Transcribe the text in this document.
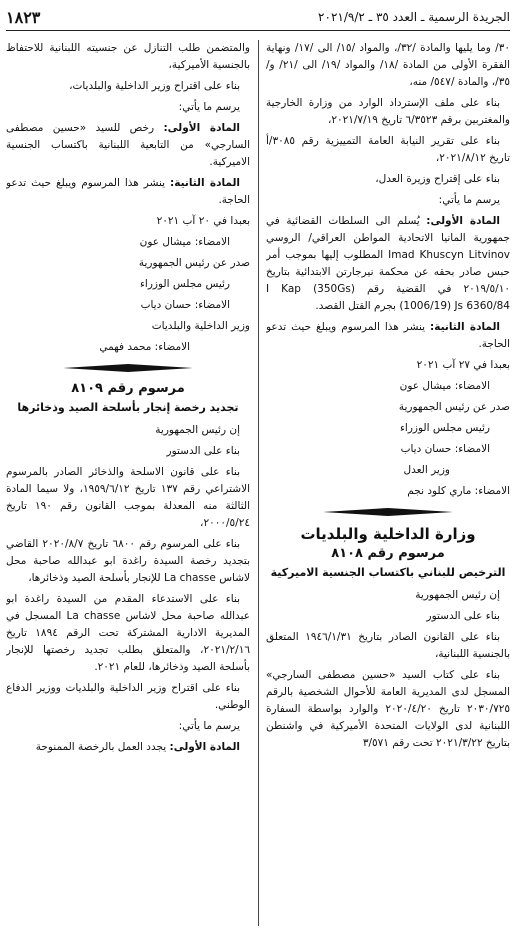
الجريدة الرسمية ـ العدد ٣٥ ـ ٢٠٢١/٩/٢
١٨٢٣

٣٠/ وما يليها والمادة /٣٢/، والمواد /١٥/ الى /١٧/ ونهاية الفقرة الأولى من المادة /١٨/ والمواد /١٩/ الى /٢١/ و/٣٥/، والمادة /٥٤٧/ منه،

بناء على ملف الإسترداد الوارد من وزارة الخارجية والمغتربين برقم ٦/٣٥٢٣ تاريخ ٢٠٢١/٧/١٩،

بناء على تقرير النيابة العامة التمييزية رقم ٣٠٨٥/أ تاريخ ٢٠٢١/٨/١٢،

بناء على إقتراح وزيرة العدل،

يرسم ما يأتي:

المادة الأولى: يُسلم الى السلطات القضائية في جمهورية المانيا الاتحادية المواطن العراقي/ الروسي Imad Khuscyn Litvinov المطلوب إليها بموجب أمر حبس صادر بحقه عن محكمة نيرجارتن الابتدائية بتاريخ ٢٠١٩/٥/١٠ في القضية رقم (350Gs) I Kap (1006/19) Js 6360/84 بجرم القتل القصد.

المادة الثانية: ينشر هذا المرسوم ويبلغ حيث تدعو الحاجة.

بعبدا في ٢٧ آب ٢٠٢١

الامضاء: ميشال عون

صدر عن رئيس الجمهورية

رئيس مجلس الوزراء

الامضاء: حسان دياب

وزير العدل

الامضاء: ماري كلود نجم

وزارة الداخلية والبلديات
مرسوم رقم ٨١٠٨
الترخيص للبناني باكتساب الجنسية الاميركية

إن رئيس الجمهورية

بناء على الدستور

بناء على القانون الصادر بتاريخ ١٩٤٦/١/٣١ المتعلق بالجنسية اللبنانية،

بناء على كتاب السيد «حسين مصطفى السارجي» المسجل لدى المديرية العامة للأحوال الشخصية بالرقم ٢٠٣٠/٧٢٥ تاريخ ٢٠٢٠/٤/٢٠ والوارد بواسطة السفارة اللبنانية لدى الولايات المتحدة الأميركية في واشنطن بتاريخ ٢٠٢١/٣/٢٢ تحت رقم ٣/٥٧١

والمتضمن طلب التنازل عن جنسيته اللبنانية للاحتفاظ بالجنسية الأميركية،

بناء على اقتراح وزير الداخلية والبلديات،

يرسم ما يأتي:

المادة الأولى: رخص للسيد «حسين مصطفى السارجي» من التابعية اللبنانية باكتساب الجنسية الاميركية.

المادة الثانية: ينشر هذا المرسوم ويبلغ حيث تدعو الحاجة.

بعبدا في ٢٠ آب ٢٠٢١

الامضاء: ميشال عون

صدر عن رئيس الجمهورية

رئيس مجلس الوزراء

الامضاء: حسان دياب

وزير الداخلية والبلديات

الامضاء: محمد فهمي

مرسوم رقم ٨١٠٩
تجديد رخصة إنجار بأسلحة الصيد وذخائرها

إن رئيس الجمهورية

بناء على الدستور

بناء على قانون الاسلحة والذخائر الصادر بالمرسوم الاشتراعي رقم ١٣٧ تاريخ ١٩٥٩/٦/١٢، ولا سيما المادة الثالثة منه المعدلة بموجب القانون رقم ١٩٠ تاريخ ٢٠٠٠/٥/٢٤،

بناء على المرسوم رقم ٦٨٠٠ تاريخ ٢٠٢٠/٨/٧ القاضي بتجديد رخصة السيدة راغدة ابو عبدالله صاحبة محل لاشاس La chasse للإنجار بأسلحة الصيد وذخائرها،

بناء على الاستدعاء المقدم من السيدة راغدة ابو عبدالله صاحبة محل لاشاس La chasse المسجل في المديرية الادارية المشتركة تحت الرقم ١٨٩٤ تاريخ ٢٠٢١/٢/١٦، والمتعلق بطلب تجديد رخصتها للإنجار بأسلحة الصيد وذخائرها، للعام ٢٠٢١.

بناء على اقتراح وزير الداخلية والبلديات ووزير الدفاع الوطني.

يرسم ما يأتي:

المادة الأولى: يجدد العمل بالرخصة الممنوحة
